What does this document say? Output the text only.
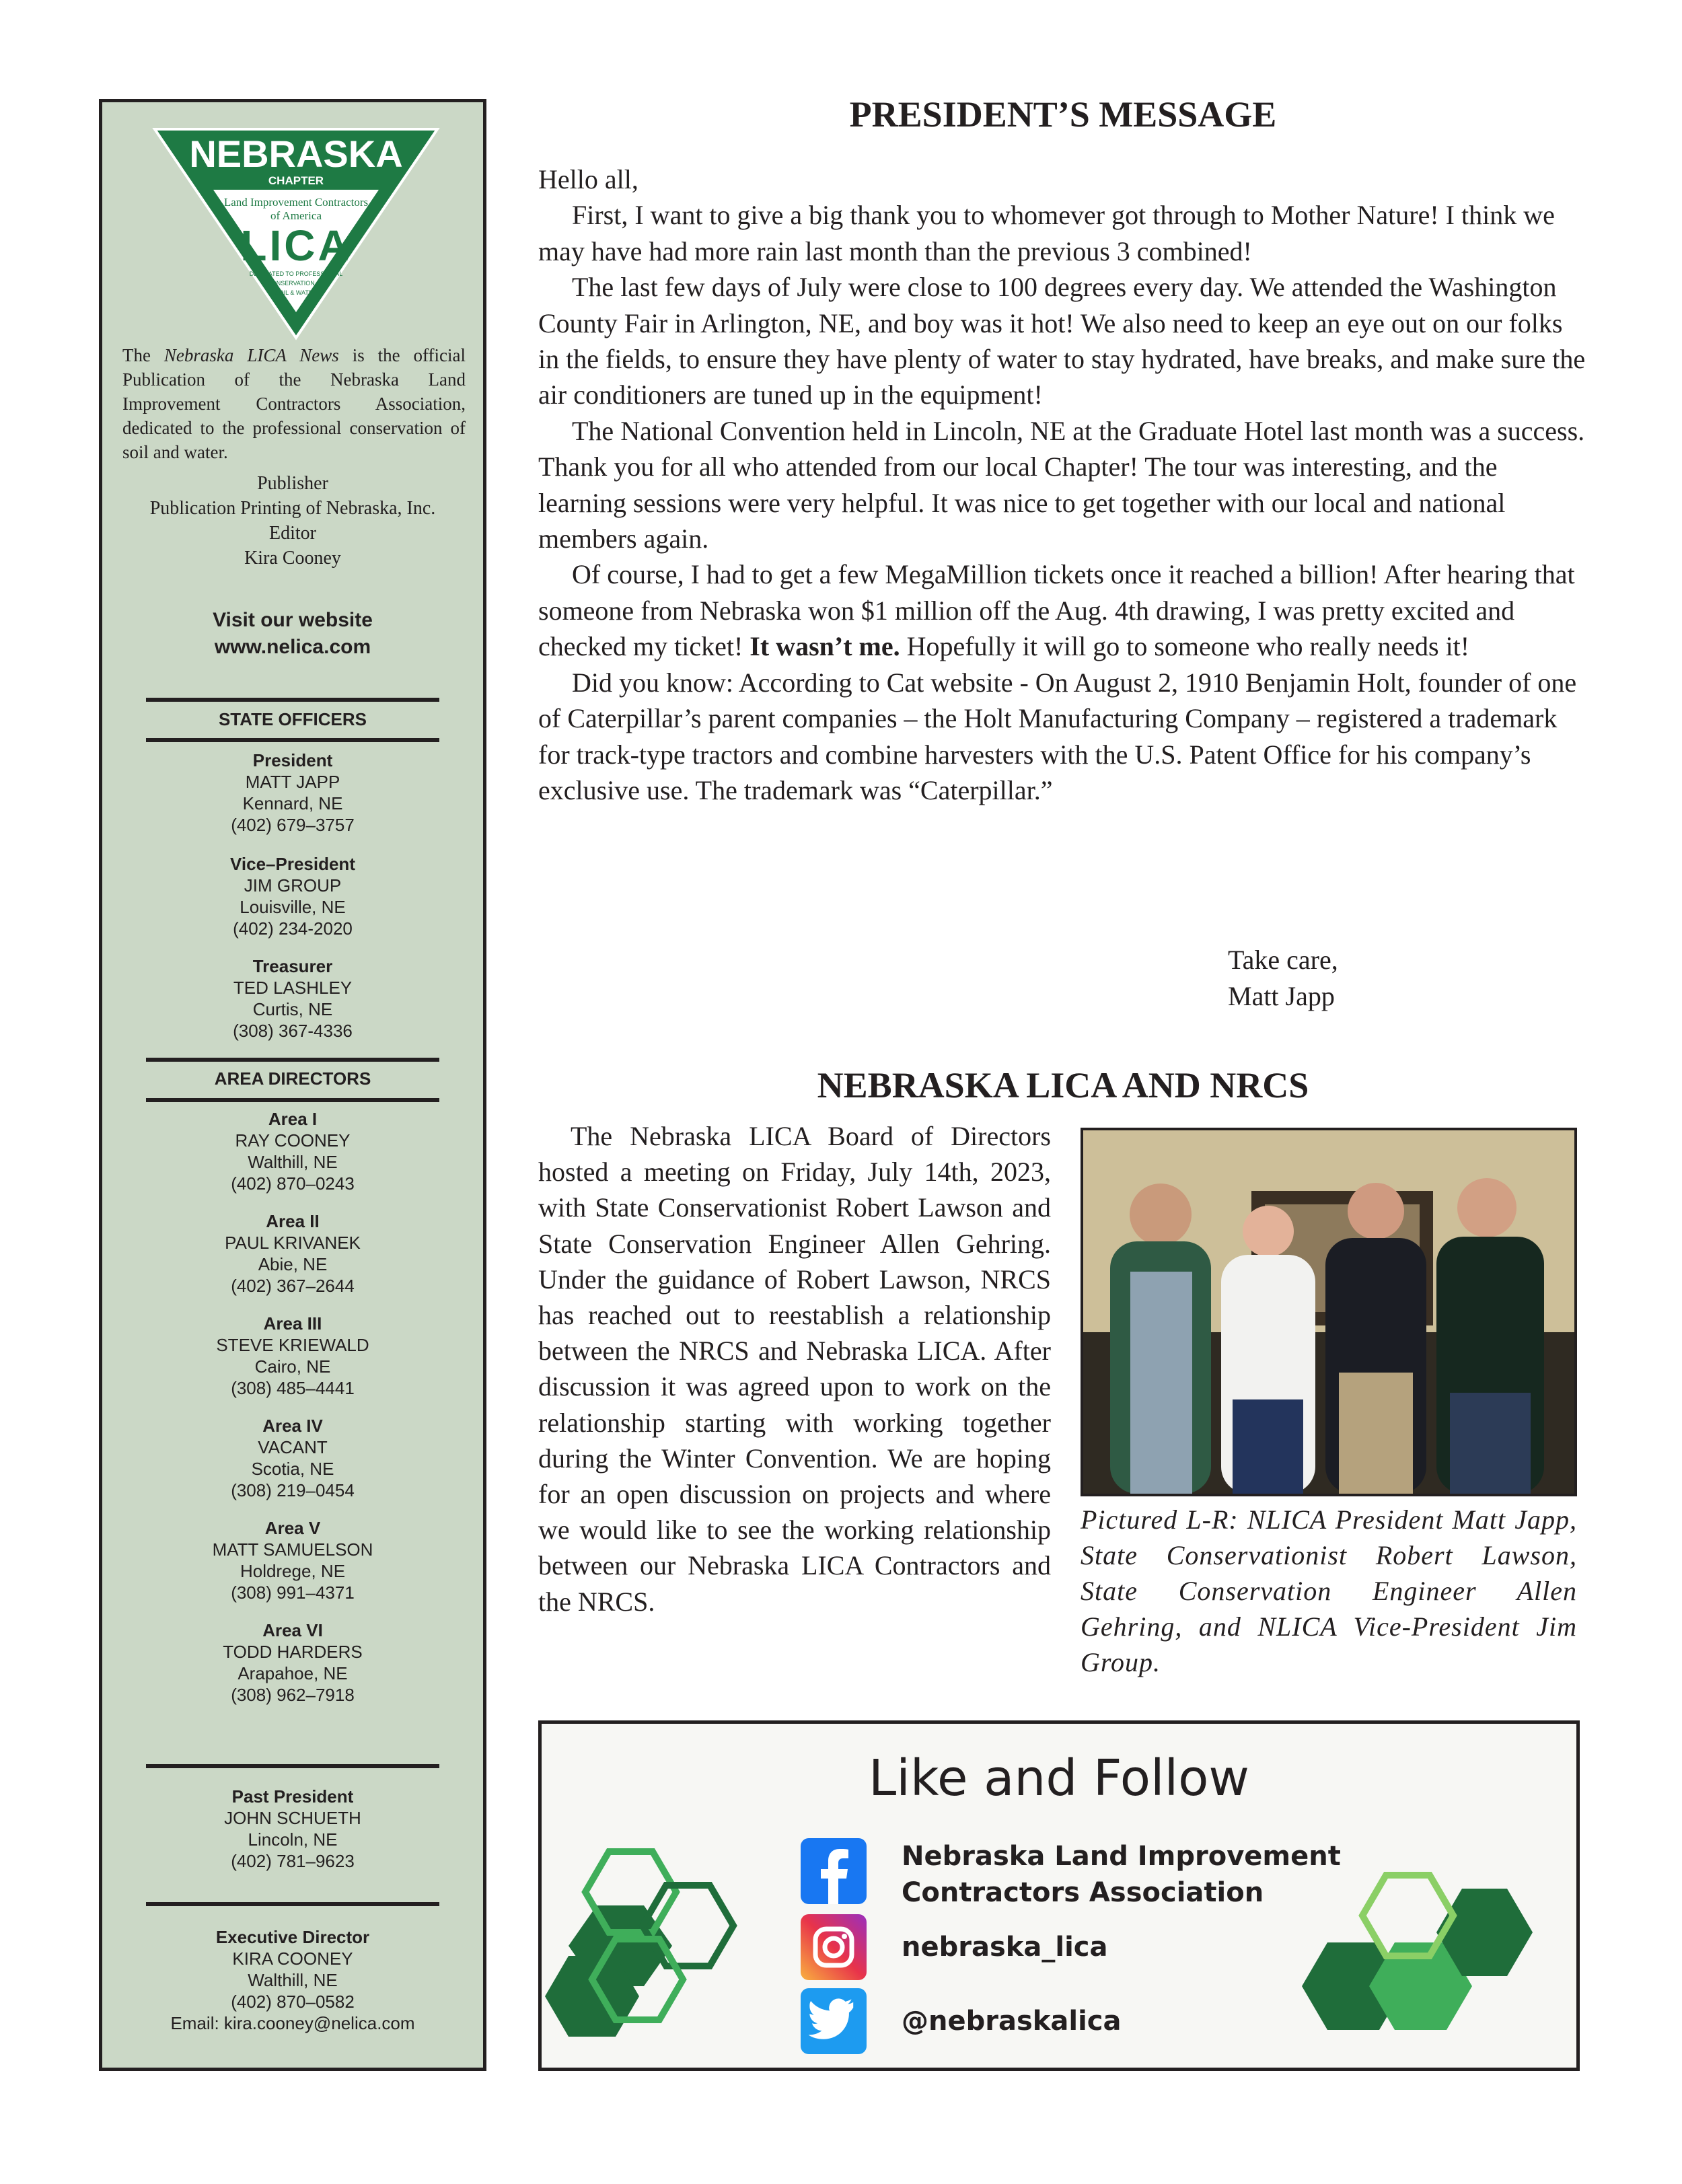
NEBRASKA
CHAPTER
Land Improvement Contractors
of America
LICA
DEDICATED TO PROFESSIONAL
CONSERVATION OF
SOIL & WATER
The Nebraska LICA News is the official Publication of the Nebraska Land Improvement Contractors Association, dedicated to the professional conservation of soil and water.
Publisher
Publication Printing of Nebraska, Inc.
Editor
Kira Cooney
Visit our website
www.nelica.com
STATE OFFICERS
President
MATT JAPP
Kennard, NE
(402) 679–3757
Vice–President
JIM GROUP
Louisville, NE
(402) 234-2020
Treasurer
TED LASHLEY
Curtis, NE
(308) 367-4336
AREA DIRECTORS
Area I
RAY COONEY
Walthill, NE
(402) 870–0243
Area II
PAUL KRIVANEK
Abie, NE
(402) 367–2644
Area III
STEVE KRIEWALD
Cairo, NE
(308) 485–4441
Area IV
VACANT
Scotia, NE
(308) 219–0454
Area V
MATT SAMUELSON
Holdrege, NE
(308) 991–4371
Area VI
TODD HARDERS
Arapahoe, NE
(308) 962–7918
Past President
JOHN SCHUETH
Lincoln, NE
(402) 781–9623
Executive Director
KIRA COONEY
Walthill, NE
(402) 870–0582
Email: kira.cooney@nelica.com
PRESIDENT’S MESSAGE

Hello all,

First, I want to give a big thank you to whomever got through to Mother Nature! I think we may have had more rain last month than the previous 3 combined!

The last few days of July were close to 100 degrees every day. We attended the Washington County Fair in Arlington, NE, and boy was it hot! We also need to keep an eye out on our folks in the fields, to ensure they have plenty of water to stay hydrated, have breaks, and make sure the air conditioners are tuned up in the equipment!

The National Convention held in Lincoln, NE at the Graduate Hotel last month was a success. Thank you for all who attended from our local Chapter! The tour was interesting, and the learning sessions were very helpful. It was nice to get together with our local and national members again.

Of course, I had to get a few MegaMillion tickets once it reached a billion! After hearing that someone from Nebraska won $1 million off the Aug. 4th drawing, I was pretty excited and checked my ticket! It wasn’t me. Hopefully it will go to someone who really needs it!

Did you know: According to Cat website - On August 2, 1910 Benjamin Holt, founder of one of Caterpillar’s parent companies – the Holt Manufacturing Company – registered a trademark for track-type tractors and combine harvesters with the U.S. Patent Office for his company’s exclusive use. The trademark was “Caterpillar.”

Take care,
Matt Japp
NEBRASKA LICA AND NRCS
The Nebraska LICA Board of Directors hosted a meeting on Friday, July 14th, 2023, with State Conservationist Robert Lawson and State Conservation Engineer Allen Gehring. Under the guidance of Robert Lawson, NRCS has reached out to reestablish a relationship between the NRCS and Nebraska LICA. After discussion it was agreed upon to work on the relationship starting with working together during the Winter Convention. We are hoping for an open discussion on projects and where we would like to see the working relationship between our Nebraska LICA Contractors and the NRCS.
Pictured L-R: NLICA President Matt Japp, State Conservationist Robert Lawson, State Conservation Engineer Allen Gehring, and NLICA Vice-President Jim Group.
Like and Follow
Nebraska Land Improvement
Contractors Association
nebraska_lica
@nebraskalica
